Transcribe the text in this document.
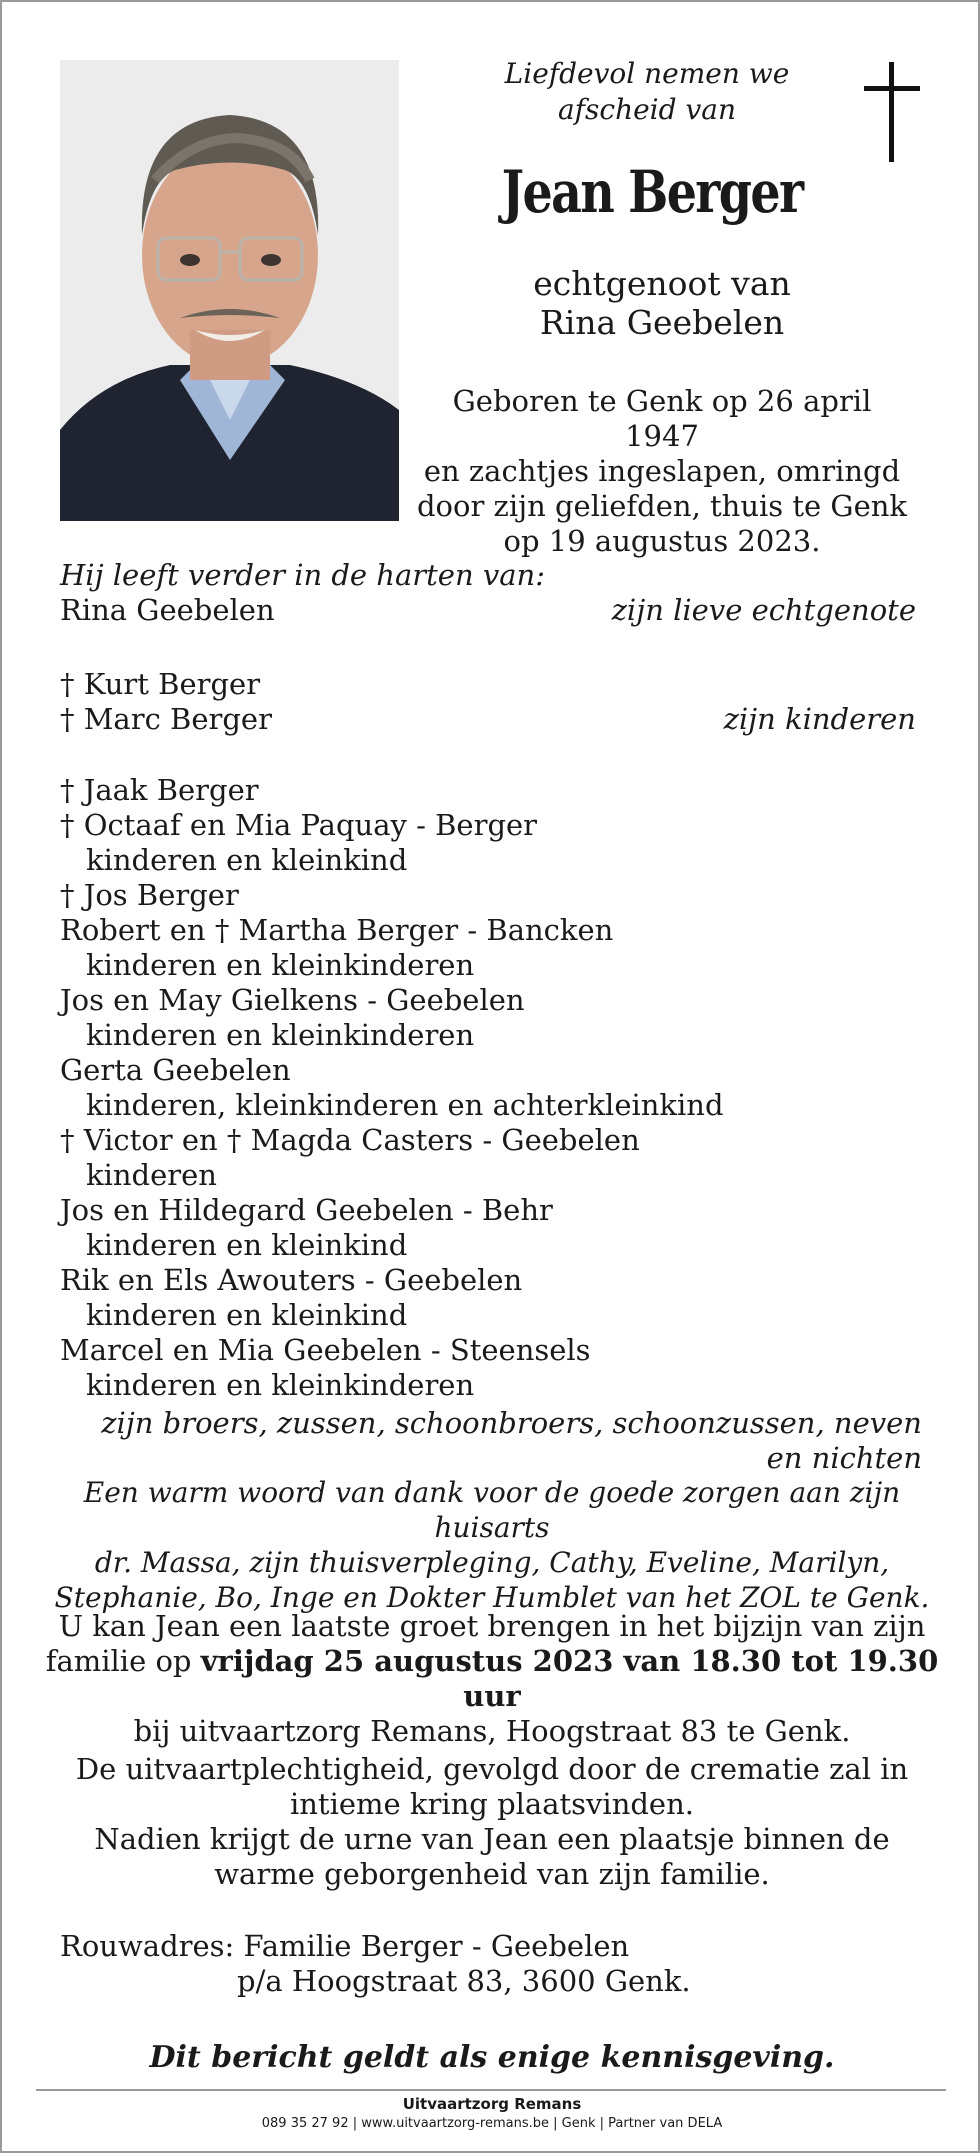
Liefdevol nemen we
afscheid van
Jean Berger
echtgenoot van
Rina Geebelen
Geboren te Genk op 26 april 1947
en zachtjes ingeslapen, omringd
door zijn geliefden, thuis te Genk
op 19 augustus 2023.
Hij leeft verder in de harten van:
Rina Geebelen	zijn lieve echtgenote
† Kurt Berger
† Marc Berger	zijn kinderen
† Jaak Berger
† Octaaf en Mia Paquay - Berger
kinderen en kleinkind
† Jos Berger
Robert en † Martha Berger - Bancken
kinderen en kleinkinderen
Jos en May Gielkens - Geebelen
kinderen en kleinkinderen
Gerta Geebelen
kinderen, kleinkinderen en achterkleinkind
† Victor en † Magda Casters - Geebelen
kinderen
Jos en Hildegard Geebelen - Behr
kinderen en kleinkind
Rik en Els Awouters - Geebelen
kinderen en kleinkind
Marcel en Mia Geebelen - Steensels
kinderen en kleinkinderen
zijn broers, zussen, schoonbroers, schoonzussen, neven en nichten
Een warm woord van dank voor de goede zorgen aan zijn huisarts
dr. Massa, zijn thuisverpleging, Cathy, Eveline, Marilyn,
Stephanie, Bo, Inge en Dokter Humblet van het ZOL te Genk.
U kan Jean een laatste groet brengen in het bijzijn van zijn
familie op vrijdag 25 augustus 2023 van 18.30 tot 19.30 uur
bij uitvaartzorg Remans, Hoogstraat 83 te Genk.
De uitvaartplechtigheid, gevolgd door de crematie zal in
intieme kring plaatsvinden.
Nadien krijgt de urne van Jean een plaatsje binnen de
warme geborgenheid van zijn familie.
Rouwadres: Familie Berger - Geebelen
p/a Hoogstraat 83, 3600 Genk.
Dit bericht geldt als enige kennisgeving.
Uitvaartzorg Remans
089 35 27 92 | www.uitvaartzorg-remans.be | Genk | Partner van DELA
